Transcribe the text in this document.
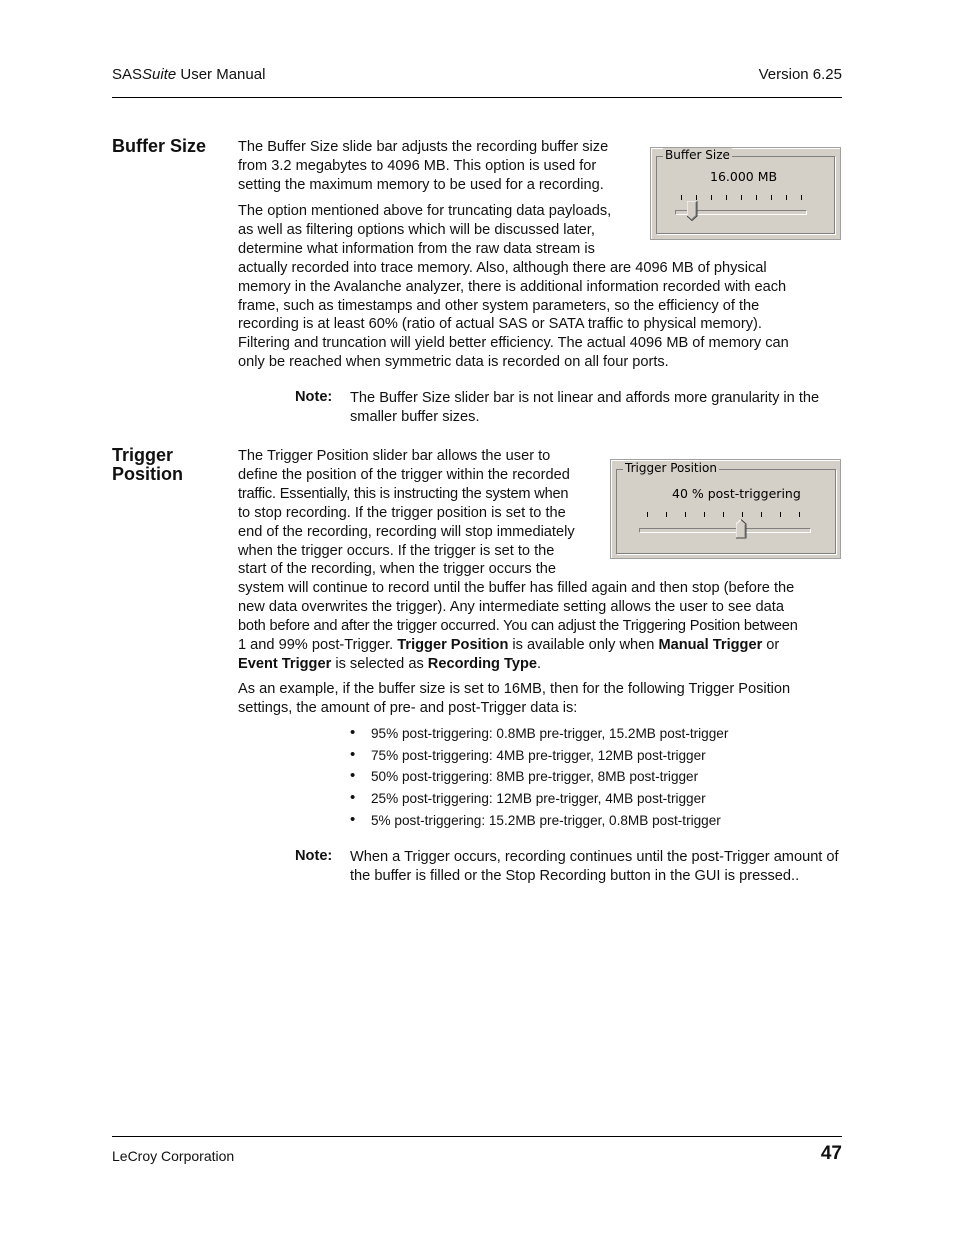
SASSuite User Manual	Version 6.25
Buffer Size The Buffer Size slide bar adjusts the recording buffer size from 3.2 megabytes to 4096 MB. This option is used for setting the maximum memory to be used for a recording.
The option mentioned above for truncating data payloads,
as well as filtering options which will be discussed later,
determine what information from the raw data stream is
actually recorded into trace memory. Also, although there are 4096 MB of physical
memory in the Avalanche analyzer, there is additional information recorded with each
frame, such as timestamps and other system parameters, so the efficiency of the
recording is at least 60% (ratio of actual SAS or SATA traffic to physical memory).
Filtering and truncation will yield better efficiency. The actual 4096 MB of memory can
only be reached when symmetric data is recorded on all four ports.
Buffer Size
16.000 MB
Note: The Buffer Size slider bar is not linear and affords more granularity in the smaller buffer sizes.
Trigger
Position
The Trigger Position slider bar allows the user to
define the position of the trigger within the recorded
traffic. Essentially, this is instructing the system when
to stop recording. If the trigger position is set to the
end of the recording, recording will stop immediately
when the trigger occurs. If the trigger is set to the
start of the recording, when the trigger occurs the
system will continue to record until the buffer has filled again and then stop (before the
new data overwrites the trigger). Any intermediate setting allows the user to see data
both before and after the trigger occurred. You can adjust the Triggering Position between
1 and 99% post-Trigger. Trigger Position is available only when Manual Trigger or
Event Trigger is selected as Recording Type.
Trigger Position
40 % post-triggering
As an example, if the buffer size is set to 16MB, then for the following Trigger Position settings, the amount of pre- and post-Trigger data is:
• 95% post-triggering: 0.8MB pre-trigger, 15.2MB post-trigger
• 75% post-triggering: 4MB pre-trigger, 12MB post-trigger
• 50% post-triggering: 8MB pre-trigger, 8MB post-trigger
• 25% post-triggering: 12MB pre-trigger, 4MB post-trigger
• 5% post-triggering: 15.2MB pre-trigger, 0.8MB post-trigger
Note: When a Trigger occurs, recording continues until the post-Trigger amount of the buffer is filled or the Stop Recording button in the GUI is pressed..
LeCroy Corporation	47
